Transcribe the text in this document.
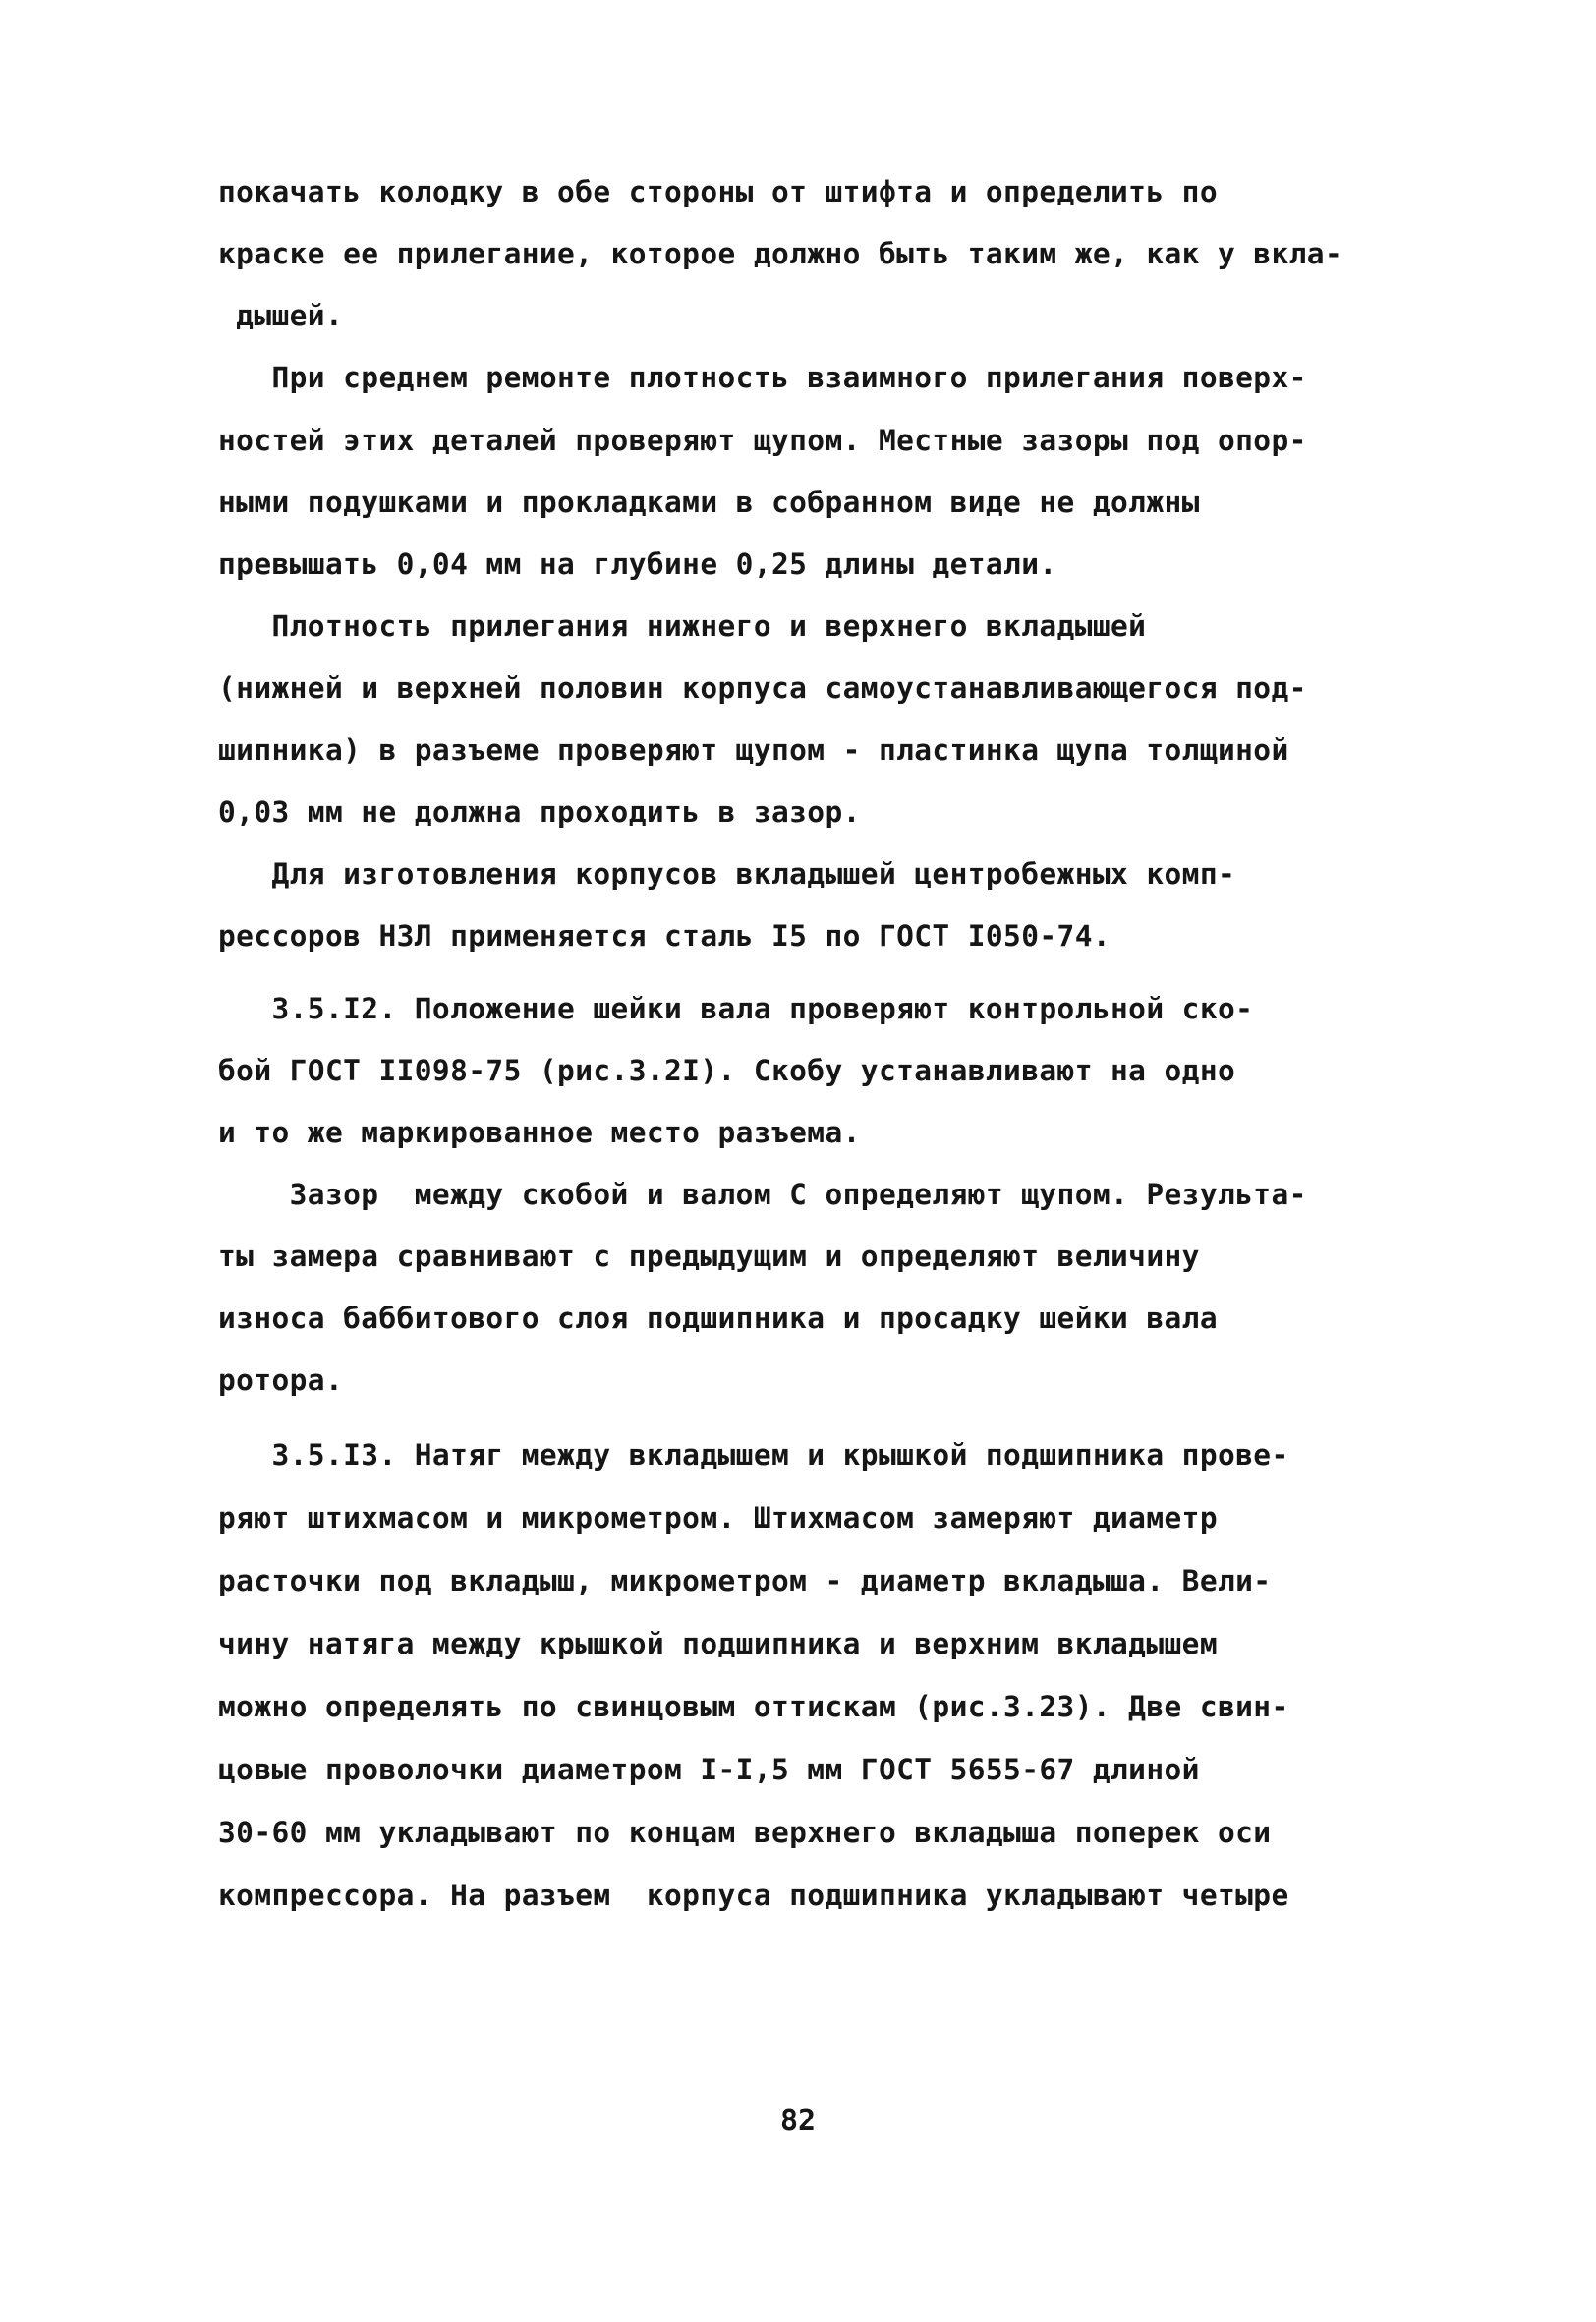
покачать колодку в обе стороны от штифта и определить по
краске ее прилегание, которое должно быть таким же, как у вкла-
дышей.
При среднем ремонте плотность взаимного прилегания поверх-
ностей этих деталей проверяют щупом. Местные зазоры под опор-
ными подушками и прокладками в собранном виде не должны
превышать 0,04 мм на глубине 0,25 длины детали.
Плотность прилегания нижнего и верхнего вкладышей
(нижней и верхней половин корпуса самоустанавливающегося под-
шипника) в разъеме проверяют щупом - пластинка щупа толщиной
0,03 мм не должна проходить в зазор.
Для изготовления корпусов вкладышей центробежных комп-
рессоров НЗЛ применяется сталь I5 по ГОСТ I050-74.
3.5.I2. Положение шейки вала проверяют контрольной ско-
бой ГОСТ II098-75 (рис.3.2I). Скобу устанавливают на одно
и то же маркированное место разъема.
Зазор  между скобой и валом С определяют щупом. Результа-
ты замера сравнивают с предыдущим и определяют величину
износа баббитового слоя подшипника и просадку шейки вала
ротора.
3.5.I3. Натяг между вкладышем и крышкой подшипника прове-
ряют штихмасом и микрометром. Штихмасом замеряют диаметр
расточки под вкладыш, микрометром - диаметр вкладыша. Вели-
чину натяга между крышкой подшипника и верхним вкладышем
можно определять по свинцовым оттискам (рис.3.23). Две свин-
цовые проволочки диаметром I-I,5 мм ГОСТ 5655-67 длиной
30-60 мм укладывают по концам верхнего вкладыша поперек оси
компрессора. На разъем  корпуса подшипника укладывают четыре
82
